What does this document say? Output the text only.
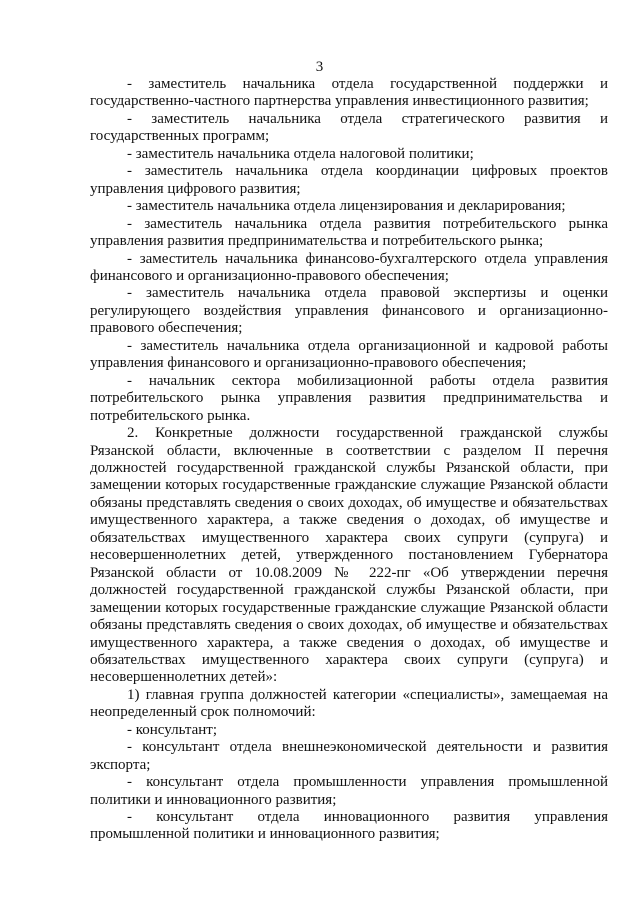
3

- заместитель начальника отдела государственной поддержки и государственно-частного партнерства управления инвестиционного развития;

- заместитель начальника отдела стратегического развития и государственных программ;

- заместитель начальника отдела налоговой политики;

- заместитель начальника отдела координации цифровых проектов управления цифрового развития;

- заместитель начальника отдела лицензирования и декларирования;

- заместитель начальника отдела развития потребительского рынка управления развития предпринимательства и потребительского рынка;

- заместитель начальника финансово-бухгалтерского отдела управления финансового и организационно-правового обеспечения;

- заместитель начальника отдела правовой экспертизы и оценки регулирующего воздействия управления финансового и организационно-правового обеспечения;

- заместитель начальника отдела организационной и кадровой работы управления финансового и организационно-правового обеспечения;

- начальник сектора мобилизационной работы отдела развития потребительского рынка управления развития предпринимательства и потребительского рынка.

2. Конкретные должности государственной гражданской службы Рязанской области, включенные в соответствии с разделом II перечня должностей государственной гражданской службы Рязанской области, при замещении которых государственные гражданские служащие Рязанской области обязаны представлять сведения о своих доходах, об имуществе и обязательствах имущественного характера, а также сведения о доходах, об имуществе и обязательствах имущественного характера своих супруги (супруга) и несовершеннолетних детей, утвержденного постановлением Губернатора Рязанской области от 10.08.2009 № 222-пг «Об утверждении перечня должностей государственной гражданской службы Рязанской области, при замещении которых государственные гражданские служащие Рязанской области обязаны представлять сведения о своих доходах, об имуществе и обязательствах имущественного характера, а также сведения о доходах, об имуществе и обязательствах имущественного характера своих супруги (супруга) и несовершеннолетних детей»:

1) главная группа должностей категории «специалисты», замещаемая на неопределенный срок полномочий:

- консультант;

- консультант отдела внешнеэкономической деятельности и развития экспорта;

- консультант отдела промышленности управления промышленной политики и инновационного развития;

- консультант отдела инновационного развития управления промышленной политики и инновационного развития;
